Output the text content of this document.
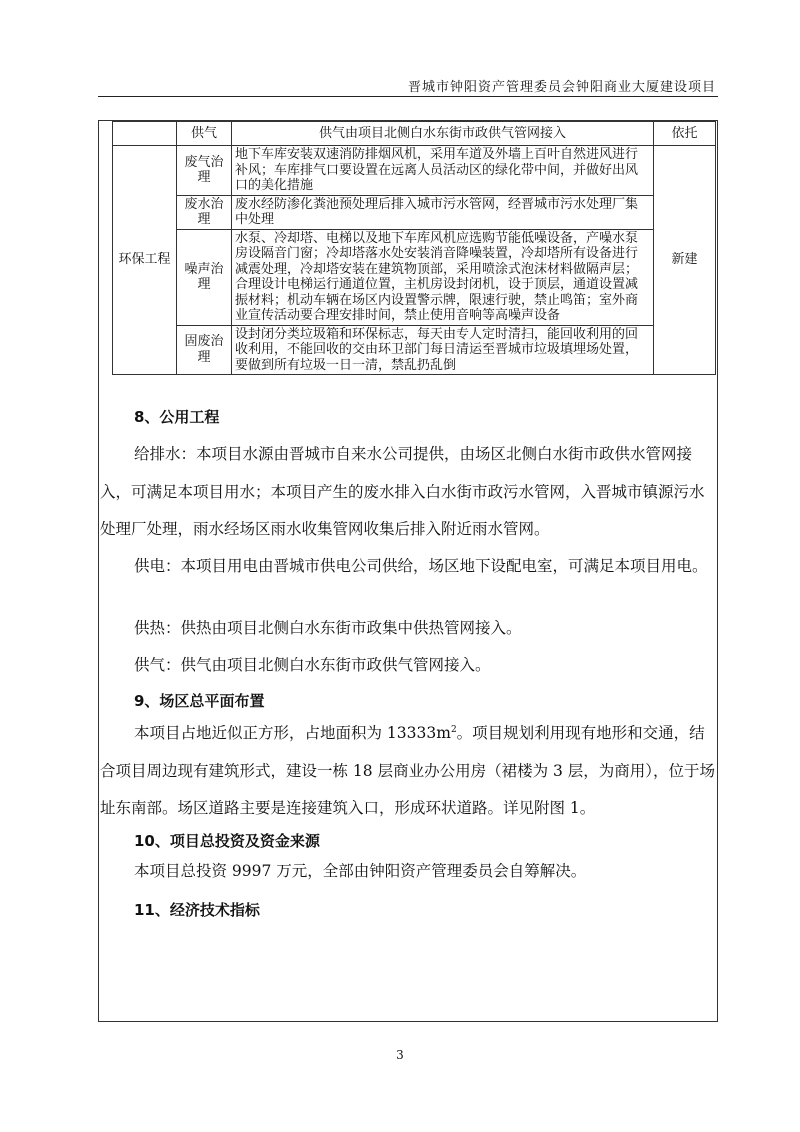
晋城市钟阳资产管理委员会钟阳商业大厦建设项目
	供气	供气由项目北侧白水东街市政供气管网接入	依托
环保工程	废气治理	地下车库安装双速消防排烟风机，采用车道及外墙上百叶自然进风进行补风；车库排气口要设置在远离人员活动区的绿化带中间，并做好出风口的美化措施	新建
	废水治理	废水经防渗化粪池预处理后排入城市污水管网，经晋城市污水处理厂集中处理	
	噪声治理	水泵、冷却塔、电梯以及地下车库风机应选购节能低噪设备，产噪水泵房设隔音门窗；冷却塔落水处安装消音降噪装置，冷却塔所有设备进行减震处理，冷却塔安装在建筑物顶部，采用喷涂式泡沫材料做隔声层；合理设计电梯运行通道位置，主机房设封闭机，设于顶层，通道设置减振材料；机动车辆在场区内设置警示牌，限速行驶，禁止鸣笛；室外商业宣传活动要合理安排时间，禁止使用音响等高噪声设备	
	固废治理	设封闭分类垃圾箱和环保标志，每天由专人定时清扫，能回收利用的回收利用，不能回收的交由环卫部门每日清运至晋城市垃圾填埋场处置，要做到所有垃圾一日一清，禁乱扔乱倒	
8、公用工程
给排水：本项目水源由晋城市自来水公司提供，由场区北侧白水街市政供水管网接入，可满足本项目用水；本项目产生的废水排入白水街市政污水管网，入晋城市镇源污水处理厂处理，雨水经场区雨水收集管网收集后排入附近雨水管网。
供电：本项目用电由晋城市供电公司供给，场区地下设配电室，可满足本项目用电。
供热：供热由项目北侧白水东街市政集中供热管网接入。
供气：供气由项目北侧白水东街市政供气管网接入。
9、场区总平面布置
本项目占地近似正方形，占地面积为 $13333m^2$。项目规划利用现有地形和交通，结合项目周边现有建筑形式，建设一栋 18 层商业办公用房（裙楼为 3 层，为商用），位于场址东南部。场区道路主要是连接建筑入口，形成环状道路。详见附图 1。
10、项目总投资及资金来源
本项目总投资 9997 万元，全部由钟阳资产管理委员会自筹解决。
11、经济技术指标
3
